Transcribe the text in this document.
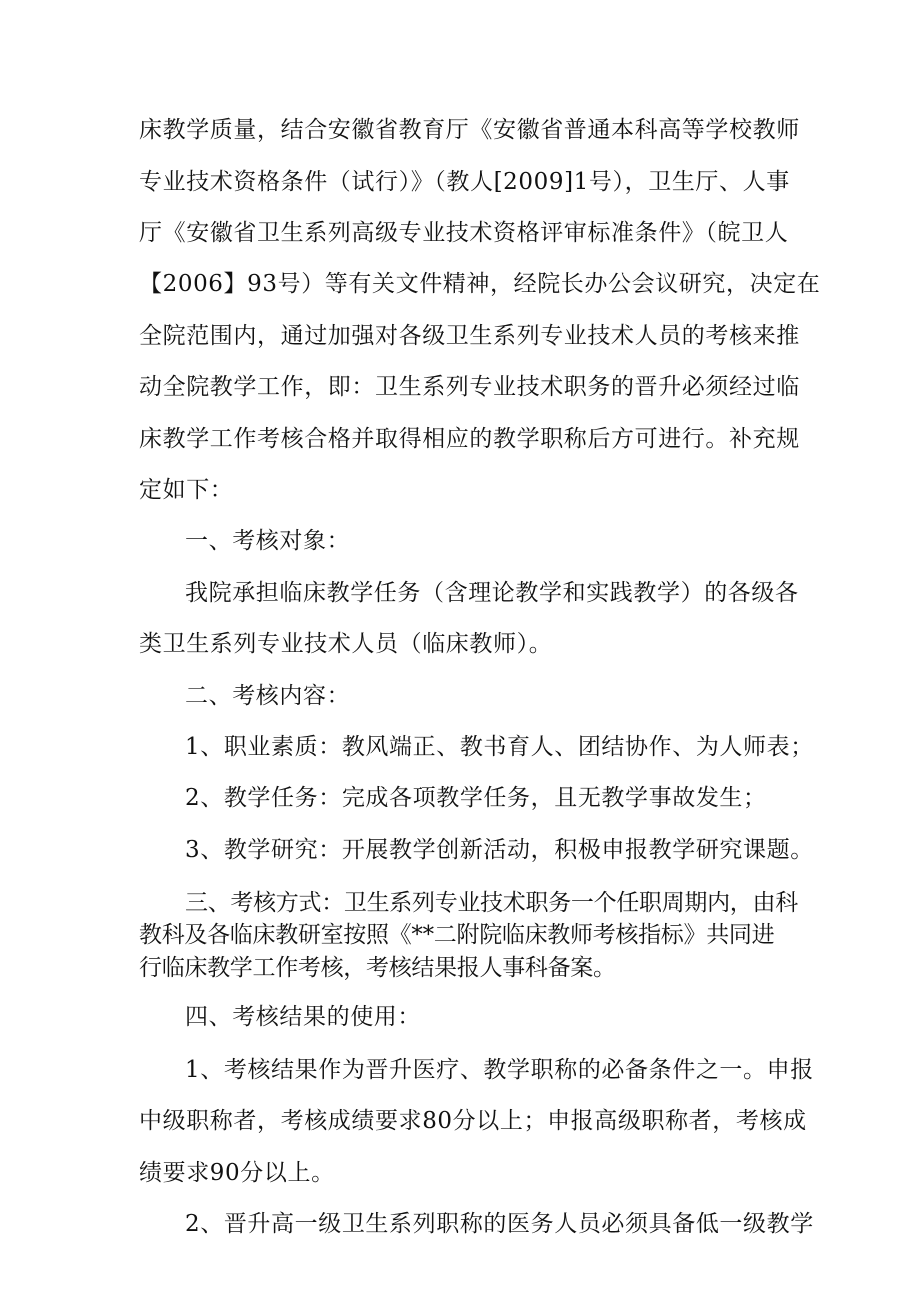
床教学质量，结合安徽省教育厅《安徽省普通本科高等学校教师

专业技术资格条件（试行）》（教人[2009]1号），卫生厅、人事

厅《安徽省卫生系列高级专业技术资格评审标准条件》（皖卫人

【2006】93号）等有关文件精神，经院长办公会议研究，决定在

全院范围内，通过加强对各级卫生系列专业技术人员的考核来推

动全院教学工作，即：卫生系列专业技术职务的晋升必须经过临

床教学工作考核合格并取得相应的教学职称后方可进行。补充规

定如下：

一、考核对象：

我院承担临床教学任务（含理论教学和实践教学）的各级各

类卫生系列专业技术人员（临床教师）。

二、考核内容：

1、职业素质：教风端正、教书育人、团结协作、为人师表；

2、教学任务：完成各项教学任务，且无教学事故发生；

3、教学研究：开展教学创新活动，积极申报教学研究课题。

三、考核方式：卫生系列专业技术职务一个任职周期内，由科

教科及各临床教研室按照《**二附院临床教师考核指标》共同进

行临床教学工作考核，考核结果报人事科备案。

四、考核结果的使用：

1、考核结果作为晋升医疗、教学职称的必备条件之一。申报

中级职称者，考核成绩要求80分以上；申报高级职称者，考核成

绩要求90分以上。

2、晋升高一级卫生系列职称的医务人员必须具备低一级教学
